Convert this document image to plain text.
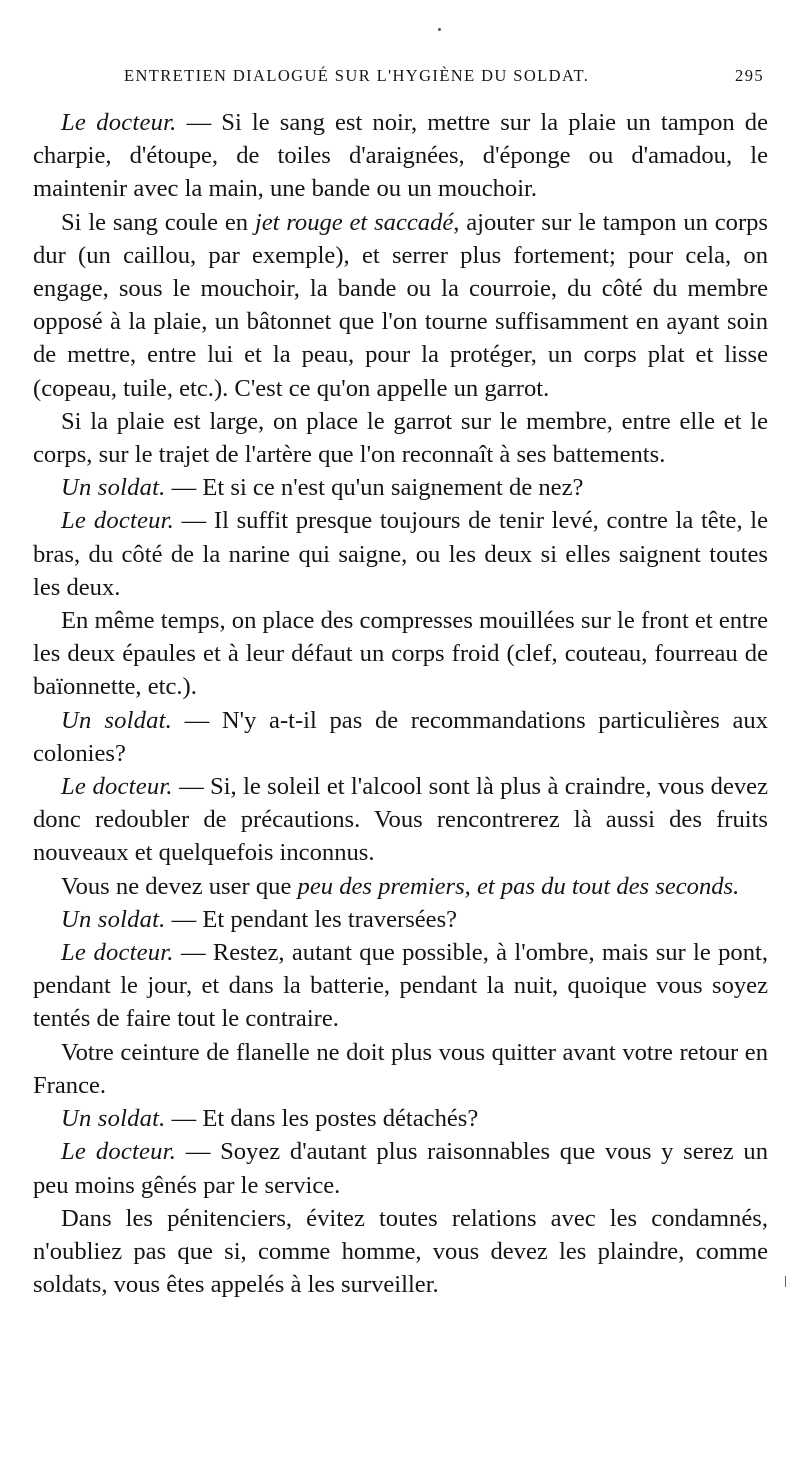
ENTRETIEN DIALOGUÉ SUR L'HYGIÈNE DU SOLDAT.	295

Le docteur. — Si le sang est noir, mettre sur la plaie un tampon de charpie, d'étoupe, de toiles d'araignées, d'éponge ou d'amadou, le maintenir avec la main, une bande ou un mouchoir.

Si le sang coule en jet rouge et saccadé, ajouter sur le tampon un corps dur (un caillou, par exemple), et serrer plus fortement; pour cela, on engage, sous le mouchoir, la bande ou la courroie, du côté du membre opposé à la plaie, un bâtonnet que l'on tourne suffisamment en ayant soin de mettre, entre lui et la peau, pour la protéger, un corps plat et lisse (copeau, tuile, etc.). C'est ce qu'on appelle un garrot.

Si la plaie est large, on place le garrot sur le membre, entre elle et le corps, sur le trajet de l'artère que l'on reconnaît à ses battements.

Un soldat. — Et si ce n'est qu'un saignement de nez?

Le docteur. — Il suffit presque toujours de tenir levé, contre la tête, le bras, du côté de la narine qui saigne, ou les deux si elles saignent toutes les deux.

En même temps, on place des compresses mouillées sur le front et entre les deux épaules et à leur défaut un corps froid (clef, couteau, fourreau de baïonnette, etc.).

Un soldat. — N'y a-t-il pas de recommandations particulières aux colonies?

Le docteur. — Si, le soleil et l'alcool sont là plus à craindre, vous devez donc redoubler de précautions. Vous rencontrerez là aussi des fruits nouveaux et quelquefois inconnus.

Vous ne devez user que peu des premiers, et pas du tout des seconds.

Un soldat. — Et pendant les traversées?

Le docteur. — Restez, autant que possible, à l'ombre, mais sur le pont, pendant le jour, et dans la batterie, pendant la nuit, quoique vous soyez tentés de faire tout le contraire.

Votre ceinture de flanelle ne doit plus vous quitter avant votre retour en France.

Un soldat. — Et dans les postes détachés?

Le docteur. — Soyez d'autant plus raisonnables que vous y serez un peu moins gênés par le service.

Dans les pénitenciers, évitez toutes relations avec les condamnés, n'oubliez pas que si, comme homme, vous devez les plaindre, comme soldats, vous êtes appelés à les surveiller.
